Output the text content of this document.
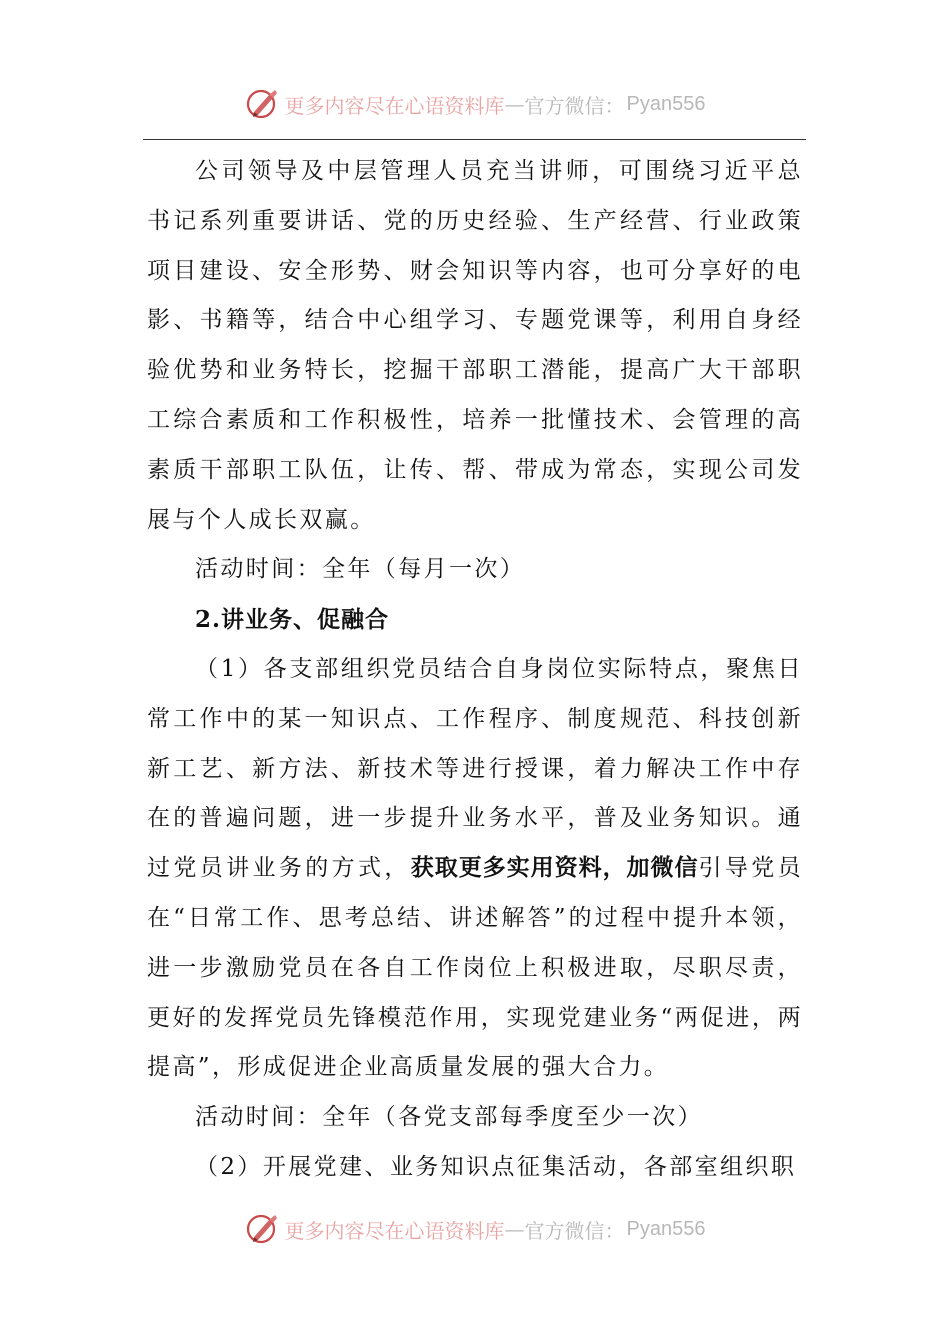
更多内容尽在心语资料库 — 官方微信： Pyan556

公司领导及中层管理人员充当讲师，可围绕习近平总书记系列重要讲话、党的历史经验、生产经营、行业政策项目建设、安全形势、财会知识等内容，也可分享好的电影、书籍等，结合中心组学习、专题党课等，利用自身经验优势和业务特长，挖掘干部职工潜能，提高广大干部职工综合素质和工作积极性，培养一批懂技术、会管理的高素质干部职工队伍，让传、帮、带成为常态，实现公司发展与个人成长双赢。

活动时间：全年（每月一次）

2.讲业务、促融合

（1）各支部组织党员结合自身岗位实际特点，聚焦日常工作中的某一知识点、工作程序、制度规范、科技创新新工艺、新方法、新技术等进行授课，着力解决工作中存在的普遍问题，进一步提升业务水平，普及业务知识。通过党员讲业务的方式，获取更多实用资料，加微信引导党员在“日常工作、思考总结、讲述解答”的过程中提升本领，进一步激励党员在各自工作岗位上积极进取，尽职尽责，更好的发挥党员先锋模范作用，实现党建业务“两促进，两提高”，形成促进企业高质量发展的强大合力。

活动时间：全年（各党支部每季度至少一次）

（2）开展党建、业务知识点征集活动，各部室组织职

更多内容尽在心语资料库 — 官方微信： Pyan556
